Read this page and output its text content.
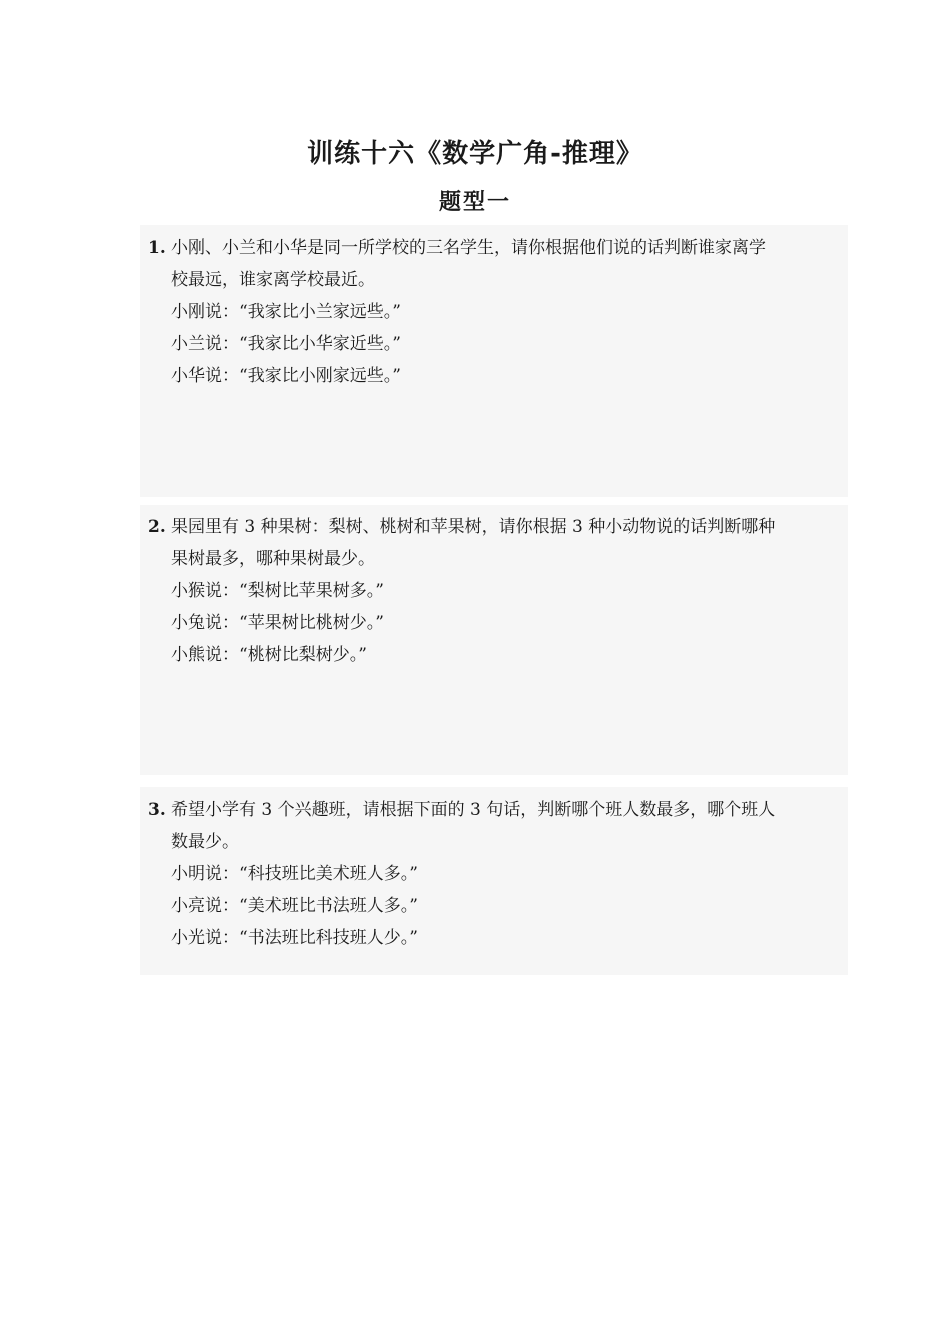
训练十六《数学广角-推理》
题型一
1. 小刚、小兰和小华是同一所学校的三名学生，请你根据他们说的话判断谁家离学
校最远，谁家离学校最近。
小刚说：“我家比小兰家远些。”
小兰说：“我家比小华家近些。”
小华说：“我家比小刚家远些。”
2. 果园里有 3 种果树：梨树、桃树和苹果树，请你根据 3 种小动物说的话判断哪种
果树最多，哪种果树最少。
小猴说：“梨树比苹果树多。”
小兔说：“苹果树比桃树少。”
小熊说：“桃树比梨树少。”
3. 希望小学有 3 个兴趣班，请根据下面的 3 句话，判断哪个班人数最多，哪个班人
数最少。
小明说：“科技班比美术班人多。”
小亮说：“美术班比书法班人多。”
小光说：“书法班比科技班人少。”
